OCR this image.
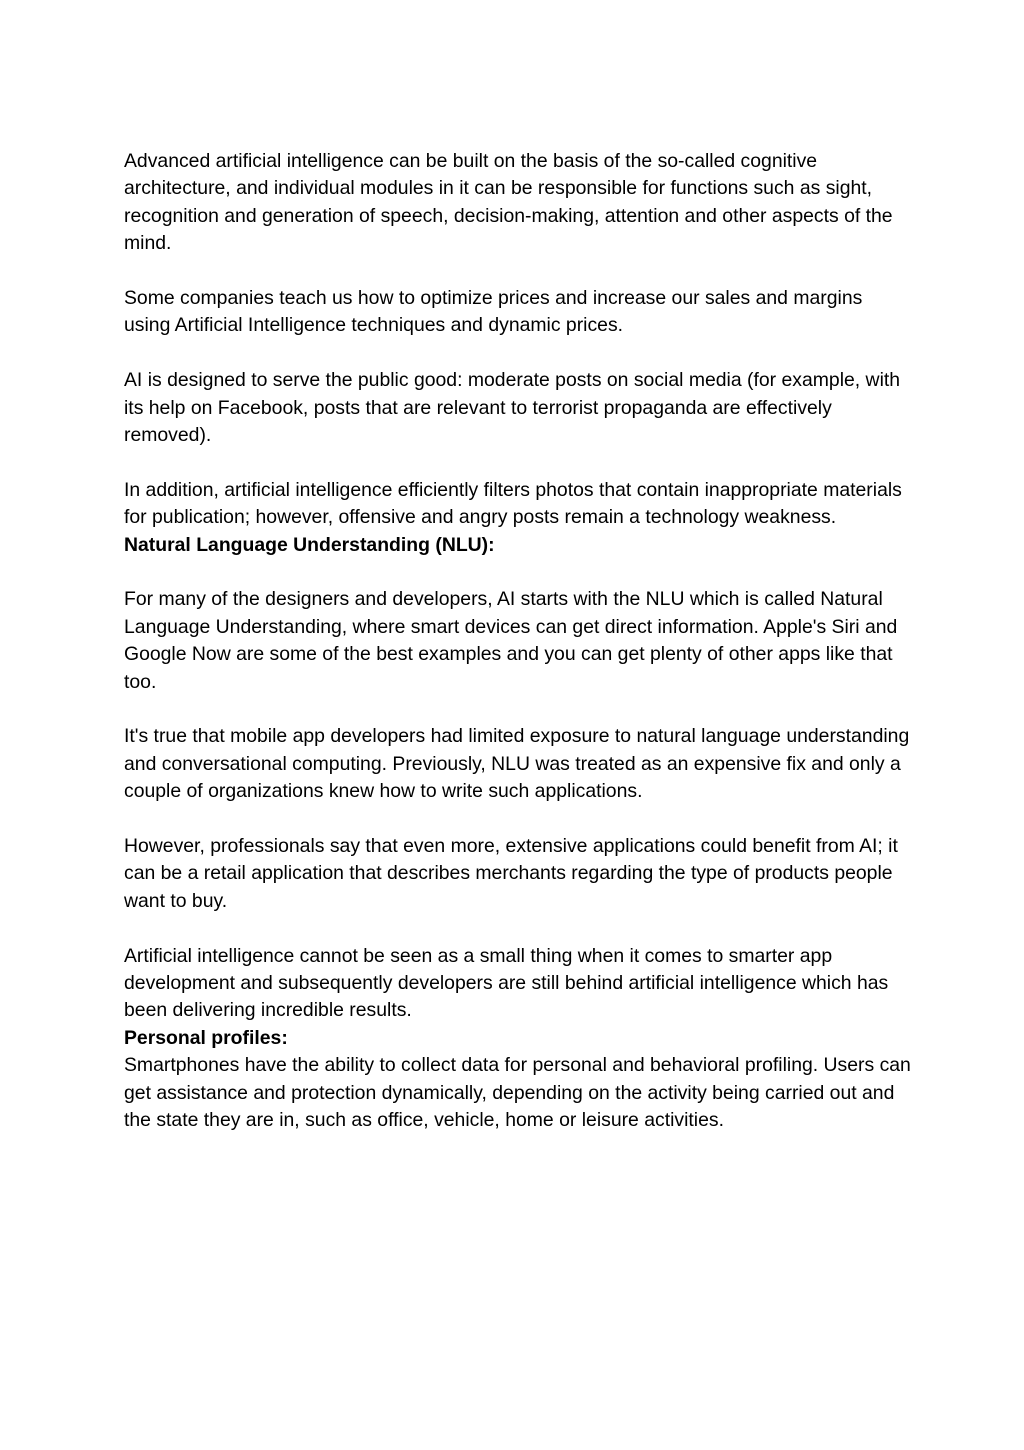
Advanced artificial intelligence can be built on the basis of the so-called cognitive architecture, and individual modules in it can be responsible for functions such as sight, recognition and generation of speech, decision-making, attention and other aspects of the mind.

Some companies teach us how to optimize prices and increase our sales and margins using Artificial Intelligence techniques and dynamic prices.

AI is designed to serve the public good: moderate posts on social media (for example, with its help on Facebook, posts that are relevant to terrorist propaganda are effectively removed).

In addition, artificial intelligence efficiently filters photos that contain inappropriate materials for publication; however, offensive and angry posts remain a technology weakness.

Natural Language Understanding (NLU):

For many of the designers and developers, AI starts with the NLU which is called Natural Language Understanding, where smart devices can get direct information. Apple's Siri and Google Now are some of the best examples and you can get plenty of other apps like that too.

It's true that mobile app developers had limited exposure to natural language understanding and conversational computing. Previously, NLU was treated as an expensive fix and only a couple of organizations knew how to write such applications.

However, professionals say that even more, extensive applications could benefit from AI; it can be a retail application that describes merchants regarding the type of products people want to buy.

Artificial intelligence cannot be seen as a small thing when it comes to smarter app development and subsequently developers are still behind artificial intelligence which has been delivering incredible results.

Personal profiles:

Smartphones have the ability to collect data for personal and behavioral profiling. Users can get assistance and protection dynamically, depending on the activity being carried out and the state they are in, such as office, vehicle, home or leisure activities.
